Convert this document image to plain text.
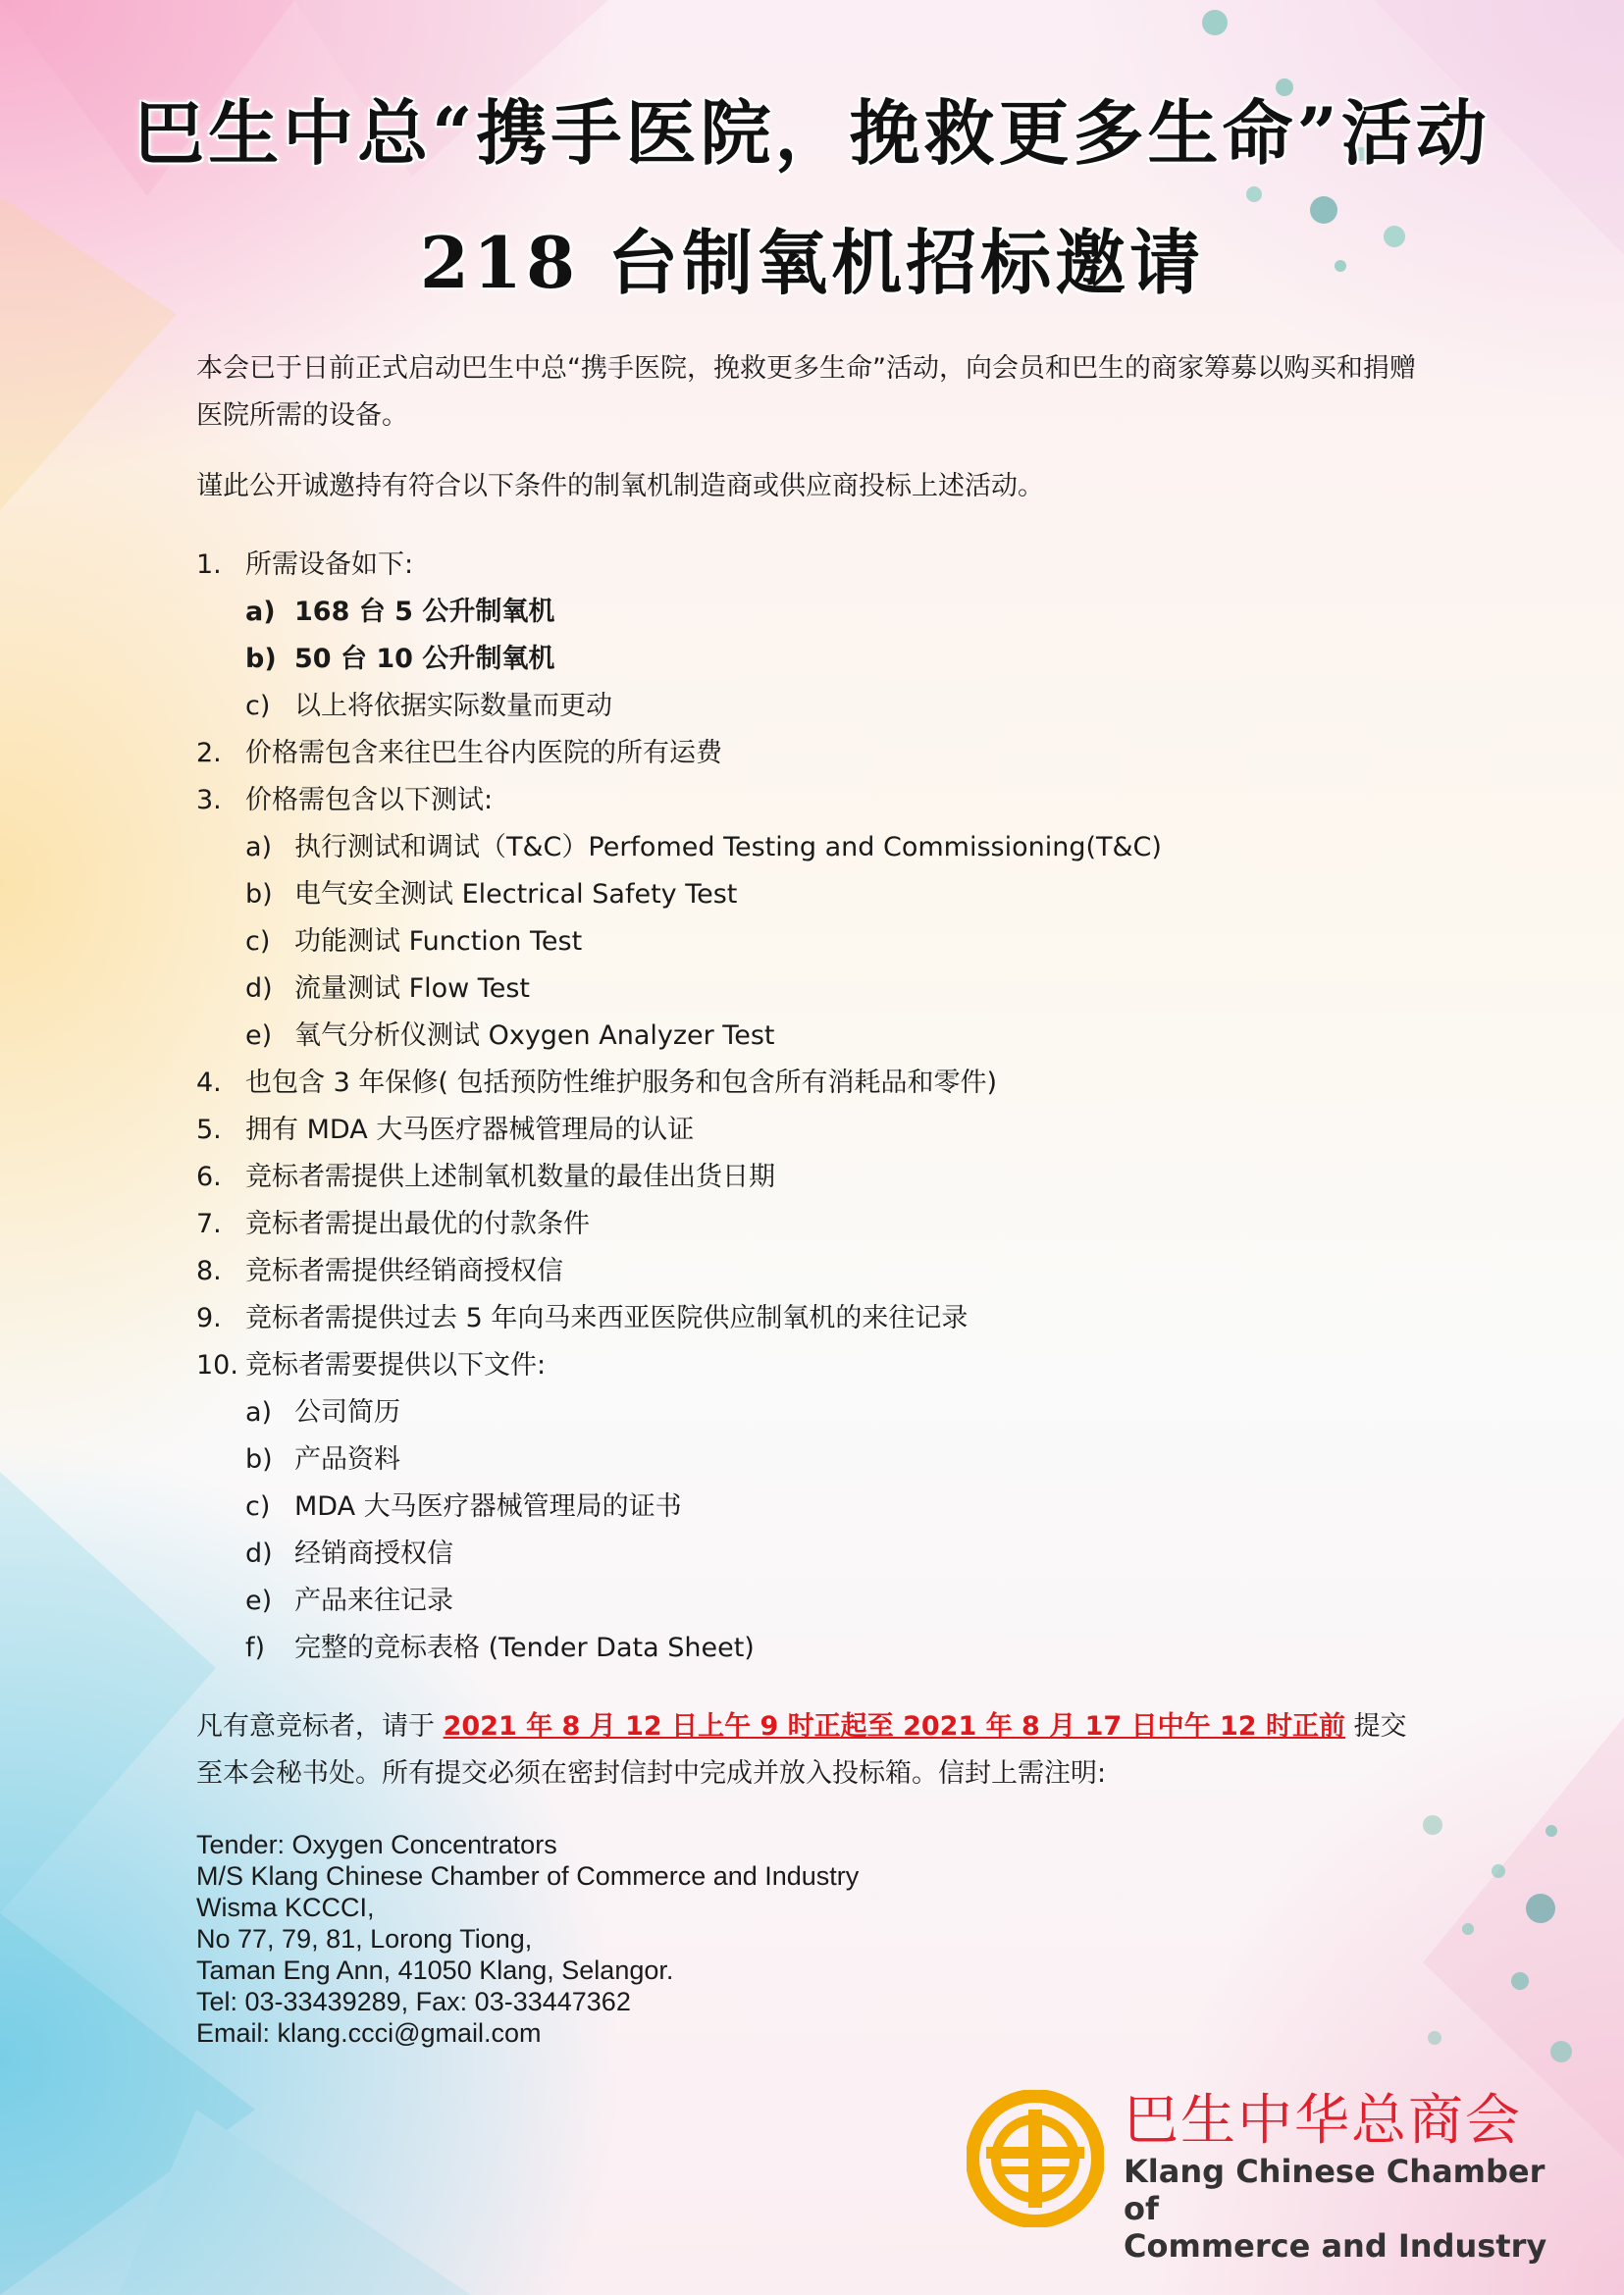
巴生中总“携手医院，挽救更多生命”活动
218 台制氧机招标邀请

本会已于日前正式启动巴生中总“携手医院，挽救更多生命”活动，向会员和巴生的商家筹募以购买和捐赠医院所需的设备。

谨此公开诚邀持有符合以下条件的制氧机制造商或供应商投标上述活动。

1. 所需设备如下:
a) 168 台 5 公升制氧机
b) 50 台 10 公升制氧机
c) 以上将依据实际数量而更动
2. 价格需包含来往巴生谷内医院的所有运费
3. 价格需包含以下测试:
a) 执行测试和调试（T&C）Perfomed Testing and Commissioning(T&C)
b) 电气安全测试 Electrical Safety Test
c) 功能测试 Function Test
d) 流量测试 Flow Test
e) 氧气分析仪测试 Oxygen Analyzer Test
4. 也包含 3 年保修( 包括预防性维护服务和包含所有消耗品和零件)
5. 拥有 MDA 大马医疗器械管理局的认证
6. 竞标者需提供上述制氧机数量的最佳出货日期
7. 竞标者需提出最优的付款条件
8. 竞标者需提供经销商授权信
9. 竞标者需提供过去 5 年向马来西亚医院供应制氧机的来往记录
10. 竞标者需要提供以下文件:
a) 公司简历
b) 产品资料
c) MDA 大马医疗器械管理局的证书
d) 经销商授权信
e) 产品来往记录
f)	完整的竞标表格 (Tender Data Sheet)

凡有意竞标者，请于 2021 年 8 月 12 日上午 9 时正起至 2021 年 8 月 17 日中午 12 时正前 提交至本会秘书处。所有提交必须在密封信封中完成并放入投标箱。信封上需注明:

Tender: Oxygen Concentrators
M/S Klang Chinese Chamber of Commerce and Industry
Wisma KCCCI,
No 77, 79, 81, Lorong Tiong,
Taman Eng Ann, 41050 Klang, Selangor.
Tel: 03-33439289, Fax: 03-33447362
Email: klang.ccci@gmail.com
巴生中华总商会
Klang Chinese Chamber of
Commerce and Industry
